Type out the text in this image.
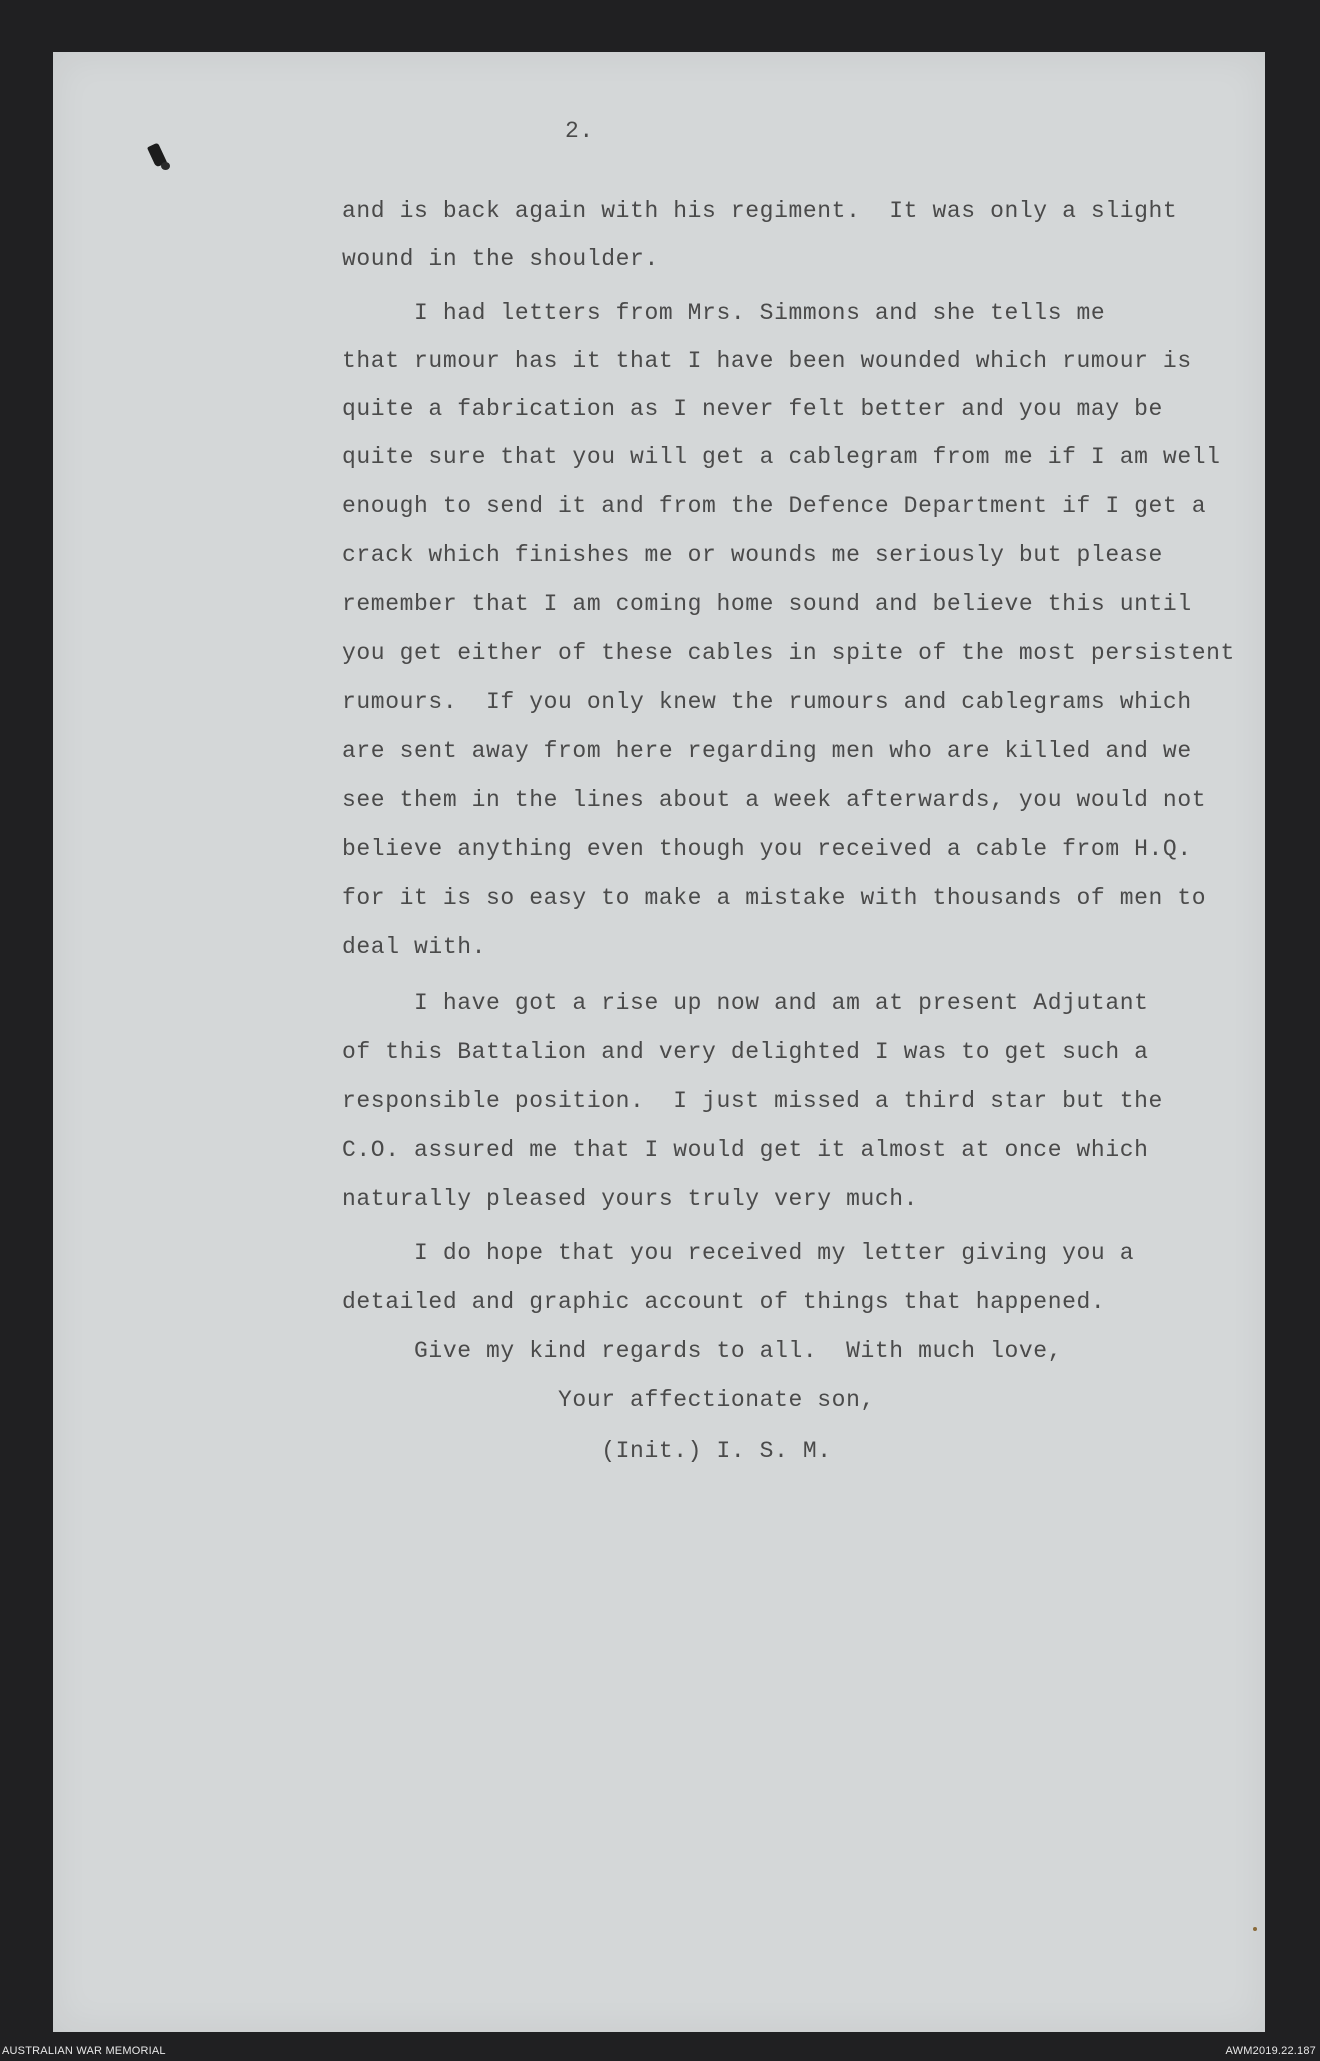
2.
and is back again with his regiment.  It was only a slight
wound in the shoulder.
I had letters from Mrs. Simmons and she tells me
that rumour has it that I have been wounded which rumour is
quite a fabrication as I never felt better and you may be
quite sure that you will get a cablegram from me if I am well
enough to send it and from the Defence Department if I get a
crack which finishes me or wounds me seriously but please
remember that I am coming home sound and believe this until
you get either of these cables in spite of the most persistent
rumours.  If you only knew the rumours and cablegrams which
are sent away from here regarding men who are killed and we
see them in the lines about a week afterwards, you would not
believe anything even though you received a cable from H.Q.
for it is so easy to make a mistake with thousands of men to
deal with.
I have got a rise up now and am at present Adjutant
of this Battalion and very delighted I was to get such a
responsible position.  I just missed a third star but the
C.O. assured me that I would get it almost at once which
naturally pleased yours truly very much.
I do hope that you received my letter giving you a
detailed and graphic account of things that happened.
Give my kind regards to all.  With much love,
Your affectionate son,
(Init.) I. S. M.
AUSTRALIAN WAR MEMORIAL	AWM2019.22.187
